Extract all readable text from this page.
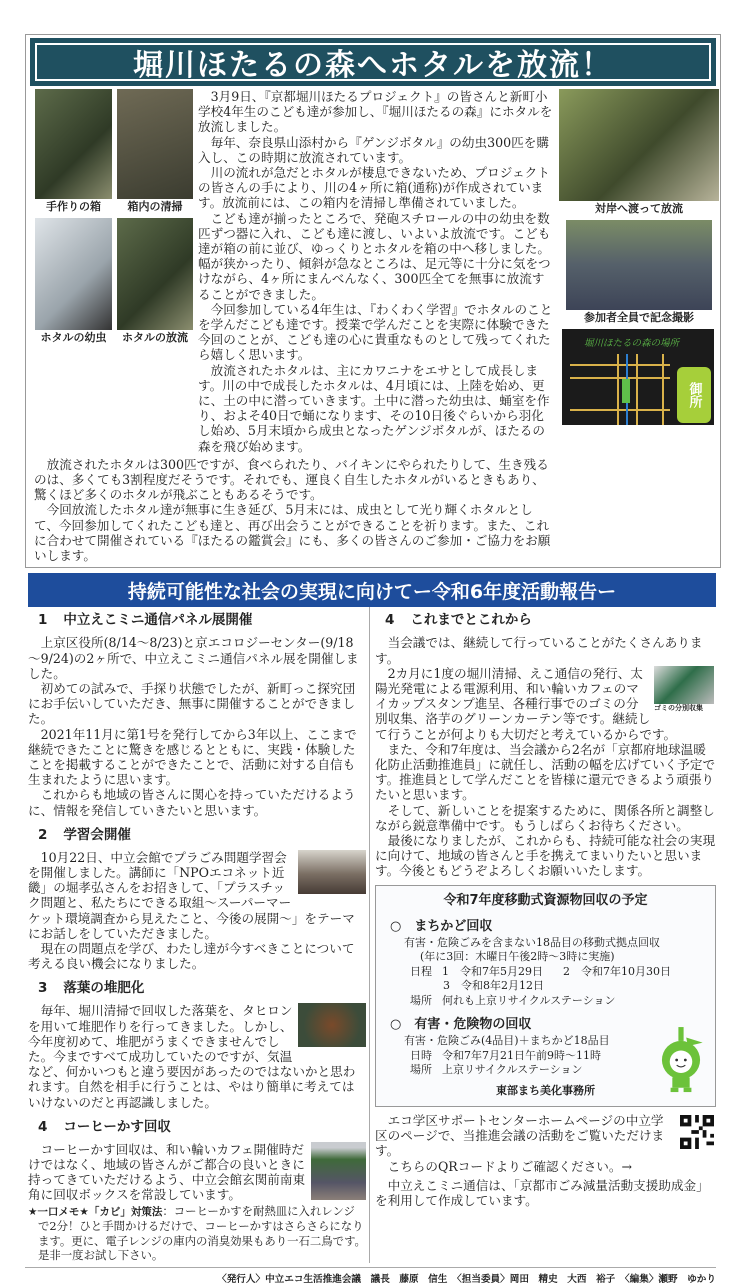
堀川ほたるの森へホタルを放流！
手作りの箱	箱内の清掃
ホタルの幼虫	ホタルの放流

3月9日、『京都堀川ほたるプロジェクト』の皆さんと新町小学校4年生のこども達が参加し、『堀川ほたるの森』にホタルを放流しました。

毎年、奈良県山添村から『ゲンジボタル』の幼虫300匹を購入し、この時期に放流されています。

川の流れが急だとホタルが棲息できないため、プロジェクトの皆さんの手により、川の4ヶ所に箱(通称)が作成されています。放流前には、この箱内を清掃し準備されていました。

こども達が揃ったところで、発砲スチロールの中の幼虫を数匹ずつ器に入れ、こども達に渡し、いよいよ放流です。こども達が箱の前に並び、ゆっくりとホタルを箱の中へ移しました。幅が狭かったり、傾斜が急なところは、足元等に十分に気をつけながら、4ヶ所にまんべんなく、300匹全てを無事に放流することができました。

今回参加している4年生は、『わくわく学習』でホタルのことを学んだこども達です。授業で学んだことを実際に体験できた今回のことが、こども達の心に貴重なものとして残ってくれたら嬉しく思います。

放流されたホタルは、主にカワニナをエサとして成長します。川の中で成長したホタルは、4月頃には、上陸を始め、更に、土の中に潜っていきます。土中に潜った幼虫は、蛹室を作り、およそ40日で蛹になります、その10日後ぐらいから羽化し始め、5月末頃から成虫となったゲンジボタルが、ほたるの森を飛び始めます。

放流されたホタルは300匹ですが、食べられたり、バイキンにやられたりして、生き残るのは、多くても3割程度だそうです。それでも、運良く自生したホタルがいるときもあり、驚くほど多くのホタルが飛ぶこともあるそうです。

今回放流したホタル達が無事に生き延び、5月末には、成虫として光り輝くホタルとして、今回参加してくれたこども達と、再び出会うことができることを祈ります。また、これに合わせて開催されている『ほたるの鑑賞会』にも、多くの皆さんのご参加・ご協力をお願いします。

対岸へ渡って放流
参加者全員で記念撮影
堀川ほたるの森の場所
御所
持続可能性な社会の実現に向けてー令和6年度活動報告ー
1 中立えこミニ通信パネル展開催

上京区役所(8/14～8/23)と京エコロジーセンター(9/18～9/24)の2ヶ所で、中立えこミニ通信パネル展を開催しました。

初めての試みで、手探り状態でしたが、新町っこ探究団にお手伝いしていただき、無事に開催することができました。

2021年11月に第1号を発行してから3年以上、ここまで継続できたことに驚きを感じるとともに、実践・体験したことを掲載することができたことで、活動に対する自信も生まれたように思います。

これからも地域の皆さんに関心を持っていただけるように、情報を発信していきたいと思います。

2 学習会開催

10月22日、中立会館でプラごみ問題学習会を開催しました。講師に「NPOエコネット近畿」の堀孝弘さんをお招きして、「プラスチック問題と、私たちにできる取組～スーパーマーケット環境調査から見えたこと、今後の展開～」をテーマにお話しをしていただきました。

現在の問題点を学び、わたし達が今すべきことについて考える良い機会になりました。

3 落葉の堆肥化

毎年、堀川清掃で回収した落葉を、タヒロンを用いて堆肥作りを行ってきました。しかし、今年度初めて、堆肥がうまくできませんでした。今まですべて成功していたのですが、気温など、何かいつもと違う要因があったのではないかと思われます。自然を相手に行うことは、やはり簡単に考えてはいけないのだと再認識しました。

4 コーヒーかす回収

コーヒーかす回収は、和い輪いカフェ開催時だけではなく、地域の皆さんがご都合の良いときに持ってきていただけるよう、中立会館玄関前南東角に回収ボックスを常設しています。

★一口メモ★「カビ」対策法：コーヒーかすを耐熱皿に入れレンジで2分！ひと手間かけるだけで、コーヒーかすはさらさらになります。更に、電子レンジの庫内の消臭効果もあり一石二鳥です。是非一度お試し下さい。
4 これまでとこれから

当会議では、継続して行っていることがたくさんあります。

ゴミの分別収集

2カ月に1度の堀川清掃、えこ通信の発行、太陽光発電による電源利用、和い輪いカフェのマイカップスタンプ進呈、各種行事でのゴミの分別収集、洛芋のグリーンカーテン等です。継続して行うことが何よりも大切だと考えているからです。

また、令和7年度は、当会議から2名が「京都府地球温暖化防止活動推進員」に就任し、活動の幅を広げていく予定です。推進員として学んだことを皆様に還元できるよう頑張りたいと思います。

そして、新しいことを提案するために、関係各所と調整しながら鋭意準備中です。もうしばらくお待ちください。

最後になりましたが、これからも、持続可能な社会の実現に向けて、地域の皆さんと手を携えてまいりたいと思います。今後ともどうぞよろしくお願いいたします。

令和7年度移動式資源物回収の予定
○　まちかど回収
有害・危険ごみを含まない18品目の移動式拠点回収
(年に3回：木曜日午後2時～3時に実施)
日程 1　令和7年5月29日 2　令和7年10月30日
3　令和8年2月12日
場所 何れも上京リサイクルステーション
○　有害・危険物の回収
有害・危険ごみ(4品目)＋まちかど18品目
日時 令和7年7月21日午前9時～11時
場所 上京リサイクルステーション
東部まち美化事務所

エコ学区サポートセンターホームページの中立学区のページで、当推進会議の活動をご覧いただけます。

こちらのQRコードよりご確認ください。→

中立えこミニ通信は、「京都市ごみ減量活動支援助成金」を利用して作成しています。

〈発行人〉中立エコ生活推進会議　議長　藤原　信生　〈担当委員〉岡田　精史　大西　裕子　〈編集〉瀬野　ゆかり
